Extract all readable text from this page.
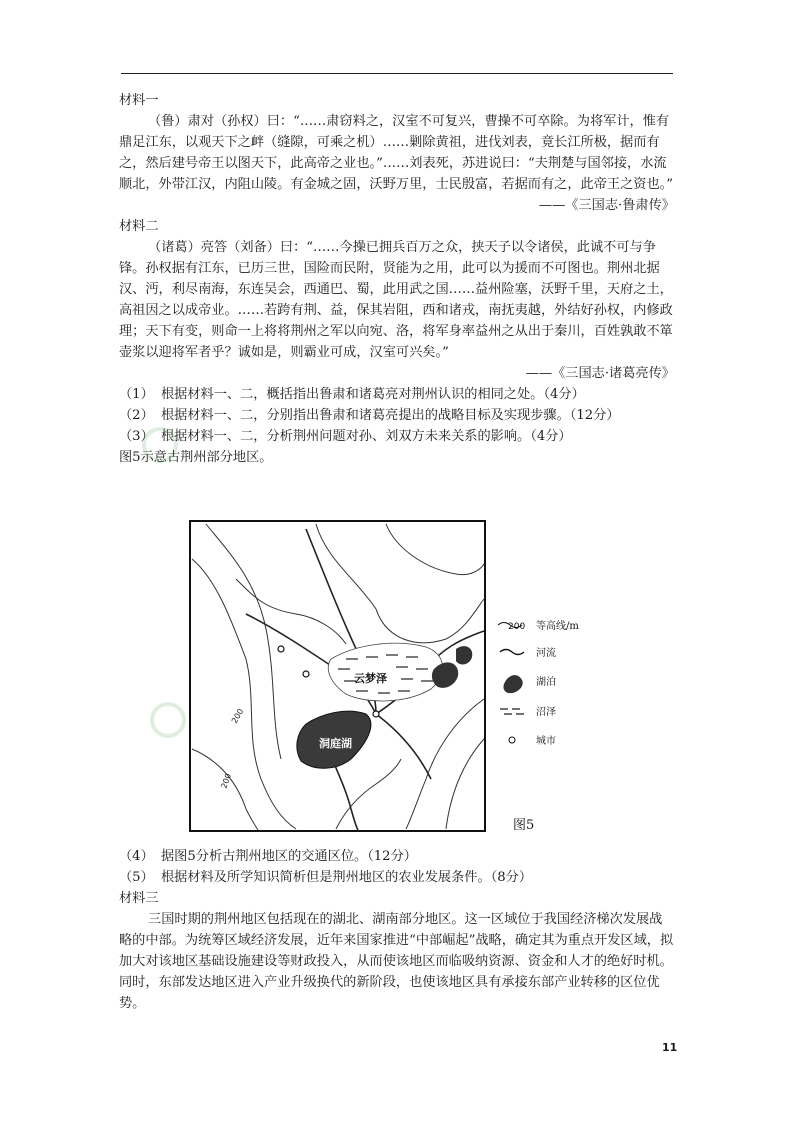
材料一

（鲁）肃对（孙权）曰：“……肃窃料之，汉室不可复兴，曹操不可卒除。为将军计，惟有鼎足江东，以观天下之衅（缝隙，可乘之机）……剿除黄祖，进伐刘表，竟长江所极，据而有之，然后建号帝王以图天下，此高帝之业也。”……刘表死，苏进说曰：“夫荆楚与国邻接，水流顺北，外带江汉，内阻山陵。有金城之固，沃野万里，士民殷富，若据而有之，此帝王之资也。”

——《三国志·鲁肃传》

材料二

（诸葛）亮答（刘备）曰：“……今操已拥兵百万之众，挟天子以令诸侯，此诚不可与争锋。孙权据有江东，已历三世，国险而民附，贤能为之用，此可以为援而不可图也。荆州北据汉、沔，利尽南海，东连吴会，西通巴、蜀，此用武之国……益州险塞，沃野千里，天府之土，高祖因之以成帝业。……若跨有荆、益，保其岩阻，西和诸戎，南抚夷越，外结好孙权，内修政理；天下有变，则命一上将将荆州之军以向宛、洛，将军身率益州之从出于秦川，百姓孰敢不箪壶浆以迎将军者乎？诚如是，则霸业可成，汉室可兴矣。”

——《三国志·诸葛亮传》

（1） 根据材料一、二，概括指出鲁肃和诸葛亮对荆州认识的相同之处。（4分）

（2） 根据材料一、二，分别指出鲁肃和诸葛亮提出的战略目标及实现步骤。（12分）

（3） 根据材料一、二，分析荆州问题对孙、刘双方未来关系的影响。（4分）

图5示意古荆州部分地区。

洞庭湖
云梦泽
200
200
200 等高线/m
河流
湖泊
沼泽
城市
图5

（4） 据图5分析古荆州地区的交通区位。（12分）

（5） 根据材料及所学知识简析但是荆州地区的农业发展条件。（8分）

材料三

三国时期的荆州地区包括现在的湖北、湖南部分地区。这一区域位于我国经济梯次发展战略的中部。为统筹区域经济发展，近年来国家推进“中部崛起”战略，确定其为重点开发区域，拟加大对该地区基础设施建设等财政投入，从而使该地区而临吸纳资源、资金和人才的绝好时机。同时，东部发达地区进入产业升级换代的新阶段，也使该地区具有承接东部产业转移的区位优势。

11
